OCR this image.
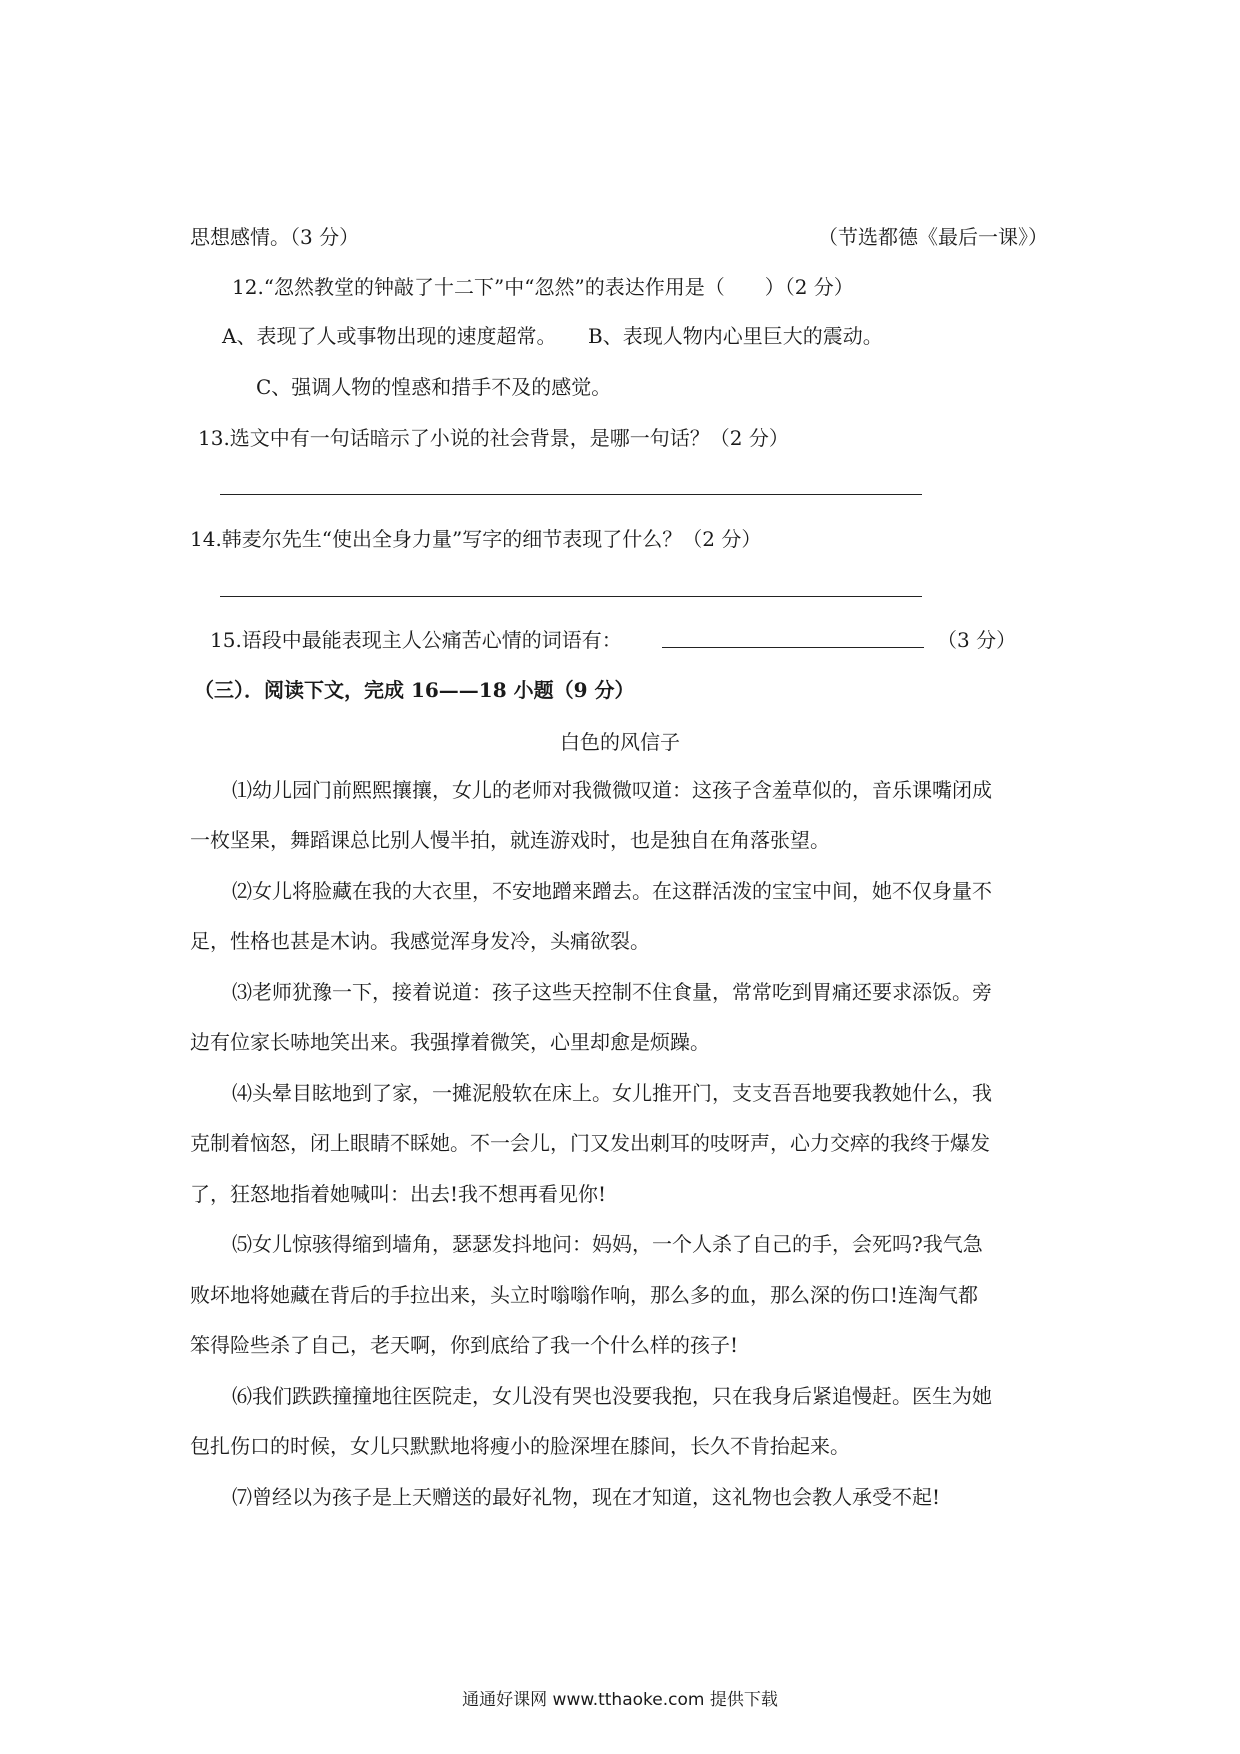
思想感情。（3 分）	（节选都德《最后一课》）
12.“忽然教堂的钟敲了十二下”中“忽然”的表达作用是（　　）（2 分）
A、表现了人或事物出现的速度超常。 B、表现人物内心里巨大的震动。
C、强调人物的惶惑和措手不及的感觉。
13.选文中有一句话暗示了小说的社会背景，是哪一句话？（2 分）
14.韩麦尔先生“使出全身力量”写字的细节表现了什么？（2 分）
15.语段中最能表现主人公痛苦心情的词语有：	（3 分）
（三）．阅读下文，完成 16——18 小题（9 分）
白色的风信子
⑴幼儿园门前熙熙攘攘，女儿的老师对我微微叹道：这孩子含羞草似的，音乐课嘴闭成
一枚坚果，舞蹈课总比别人慢半拍，就连游戏时，也是独自在角落张望。
⑵女儿将脸藏在我的大衣里，不安地蹭来蹭去。在这群活泼的宝宝中间，她不仅身量不
足，性格也甚是木讷。我感觉浑身发冷，头痛欲裂。
⑶老师犹豫一下，接着说道：孩子这些天控制不住食量，常常吃到胃痛还要求添饭。旁
边有位家长哧地笑出来。我强撑着微笑，心里却愈是烦躁。
⑷头晕目眩地到了家，一摊泥般软在床上。女儿推开门，支支吾吾地要我教她什么，我
克制着恼怒，闭上眼睛不睬她。不一会儿，门又发出刺耳的吱呀声，心力交瘁的我终于爆发
了，狂怒地指着她喊叫：出去!我不想再看见你!
⑸女儿惊骇得缩到墙角，瑟瑟发抖地问：妈妈，一个人杀了自己的手，会死吗?我气急
败坏地将她藏在背后的手拉出来，头立时嗡嗡作响，那么多的血，那么深的伤口!连淘气都
笨得险些杀了自己，老天啊，你到底给了我一个什么样的孩子!
⑹我们跌跌撞撞地往医院走，女儿没有哭也没要我抱，只在我身后紧追慢赶。医生为她
包扎伤口的时候，女儿只默默地将瘦小的脸深埋在膝间，长久不肯抬起来。
⑺曾经以为孩子是上天赠送的最好礼物，现在才知道，这礼物也会教人承受不起!
通通好课网 www.tthaoke.com 提供下载
